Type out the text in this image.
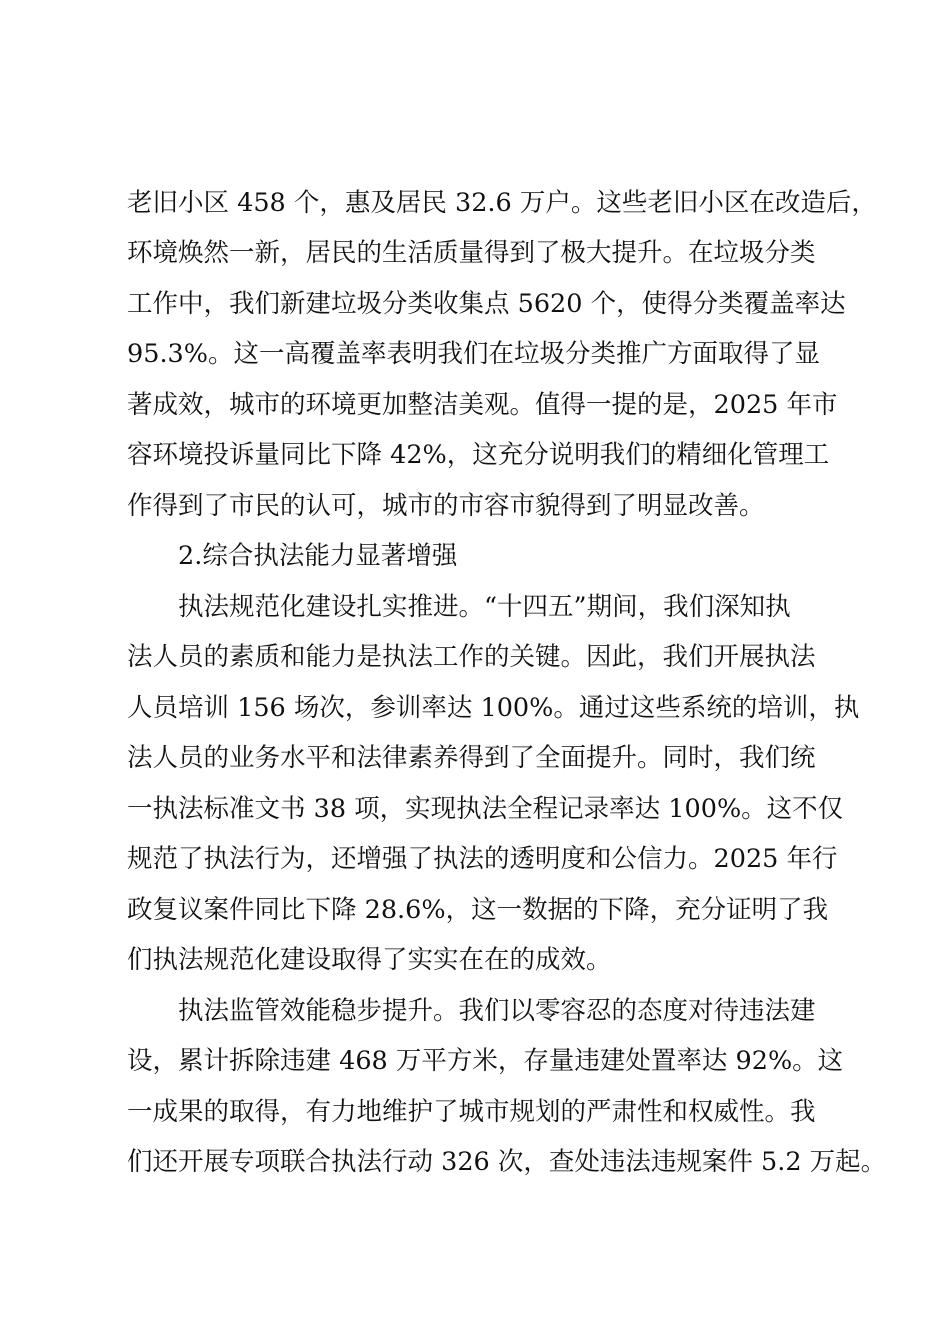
老旧小区 458 个，惠及居民 32.6 万户。这些老旧小区在改造后，

环境焕然一新，居民的生活质量得到了极大提升。在垃圾分类

工作中，我们新建垃圾分类收集点 5620 个，使得分类覆盖率达

95.3%。这一高覆盖率表明我们在垃圾分类推广方面取得了显

著成效，城市的环境更加整洁美观。值得一提的是，2025 年市

容环境投诉量同比下降 42%，这充分说明我们的精细化管理工

作得到了市民的认可，城市的市容市貌得到了明显改善。

2.综合执法能力显著增强

执法规范化建设扎实推进。“十四五”期间，我们深知执

法人员的素质和能力是执法工作的关键。因此，我们开展执法

人员培训 156 场次，参训率达 100%。通过这些系统的培训，执

法人员的业务水平和法律素养得到了全面提升。同时，我们统

一执法标准文书 38 项，实现执法全程记录率达 100%。这不仅

规范了执法行为，还增强了执法的透明度和公信力。2025 年行

政复议案件同比下降 28.6%，这一数据的下降，充分证明了我

们执法规范化建设取得了实实在在的成效。

执法监管效能稳步提升。我们以零容忍的态度对待违法建

设，累计拆除违建 468 万平方米，存量违建处置率达 92%。这

一成果的取得，有力地维护了城市规划的严肃性和权威性。我

们还开展专项联合执法行动 326 次，查处违法违规案件 5.2 万起。
